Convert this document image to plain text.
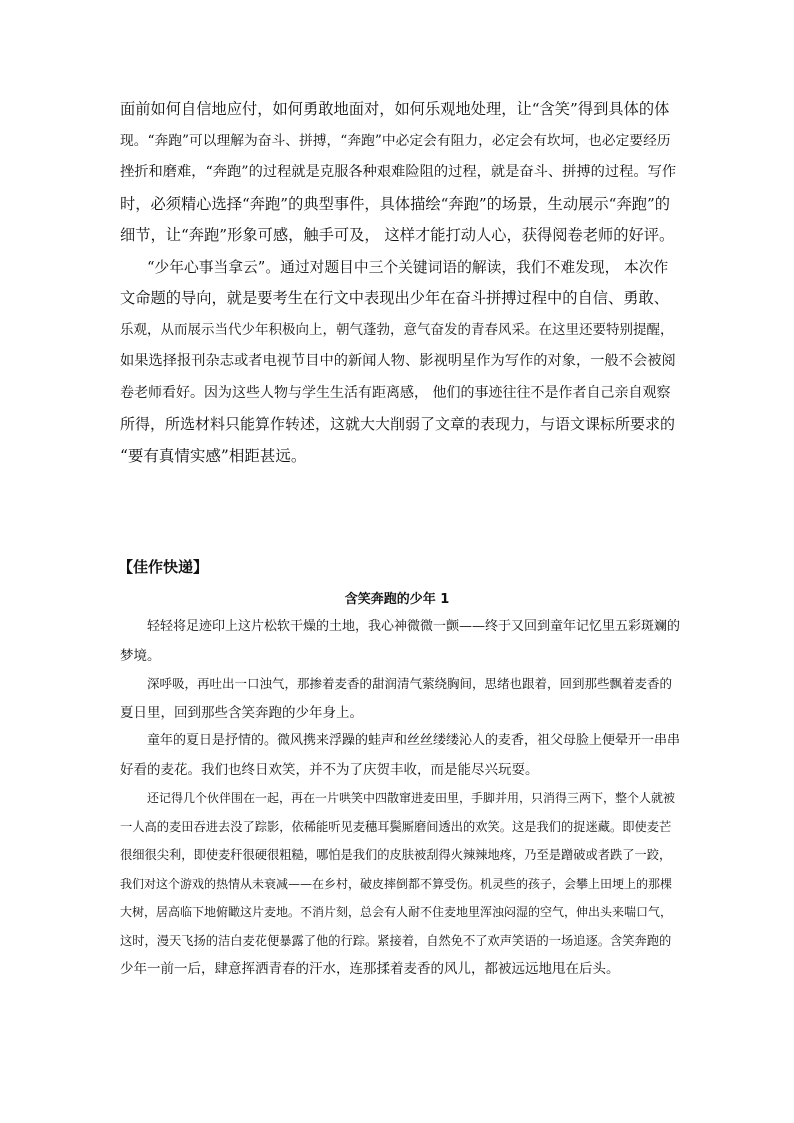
面前如何自信地应付，如何勇敢地面对，如何乐观地处理，让“含笑”得到具体的体
现。“奔跑”可以理解为奋斗、拼搏，“奔跑”中必定会有阻力，必定会有坎坷，也必定要经历
挫折和磨难，“奔跑”的过程就是克服各种艰难险阻的过程，就是奋斗、拼搏的过程。写作
时，必须精心选择“奔跑”的典型事件，具体描绘“奔跑”的场景，生动展示“奔跑”的
细节，让“奔跑”形象可感，触手可及， 这样才能打动人心，获得阅卷老师的好评。
“少年心事当拿云”。通过对题目中三个关键词语的解读，我们不难发现， 本次作
文命题的导向，就是要考生在行文中表现出少年在奋斗拼搏过程中的自信、勇敢、
乐观，从而展示当代少年积极向上，朝气蓬勃，意气奋发的青春风采。在这里还要特别提醒，
如果选择报刊杂志或者电视节目中的新闻人物、影视明星作为写作的对象，一般不会被阅
卷老师看好。因为这些人物与学生生活有距离感， 他们的事迹往往不是作者自己亲自观察
所得，所选材料只能算作转述，这就大大削弱了文章的表现力，与语文课标所要求的
“要有真情实感”相距甚远。
【佳作快递】
含笑奔跑的少年 1
轻轻将足迹印上这片松软干燥的土地，我心神微微一颤——终于又回到童年记忆里五彩斑斓的
梦境。
深呼吸，再吐出一口浊气，那掺着麦香的甜润清气萦绕胸间，思绪也跟着，回到那些飘着麦香的
夏日里，回到那些含笑奔跑的少年身上。
童年的夏日是抒情的。微风携来浮躁的蛙声和丝丝缕缕沁人的麦香，祖父母脸上便晕开一串串
好看的麦花。我们也终日欢笑，并不为了庆贺丰收，而是能尽兴玩耍。
还记得几个伙伴围在一起，再在一片哄笑中四散窜进麦田里，手脚并用，只消得三两下，整个人就被
一人高的麦田吞进去没了踪影，依稀能听见麦穗耳鬓厮磨间透出的欢笑。这是我们的捉迷藏。即使麦芒
很细很尖利，即使麦秆很硬很粗糙，哪怕是我们的皮肤被刮得火辣辣地疼，乃至是蹭破或者跌了一跤，
我们对这个游戏的热情从未衰减——在乡村，破皮摔倒都不算受伤。机灵些的孩子，会攀上田埂上的那棵
大树，居高临下地俯瞰这片麦地。不消片刻，总会有人耐不住麦地里浑浊闷湿的空气，伸出头来喘口气，
这时，漫天飞扬的洁白麦花便暴露了他的行踪。紧接着，自然免不了欢声笑语的一场追逐。含笑奔跑的
少年一前一后，肆意挥洒青春的汗水，连那揉着麦香的风儿，都被远远地甩在后头。
